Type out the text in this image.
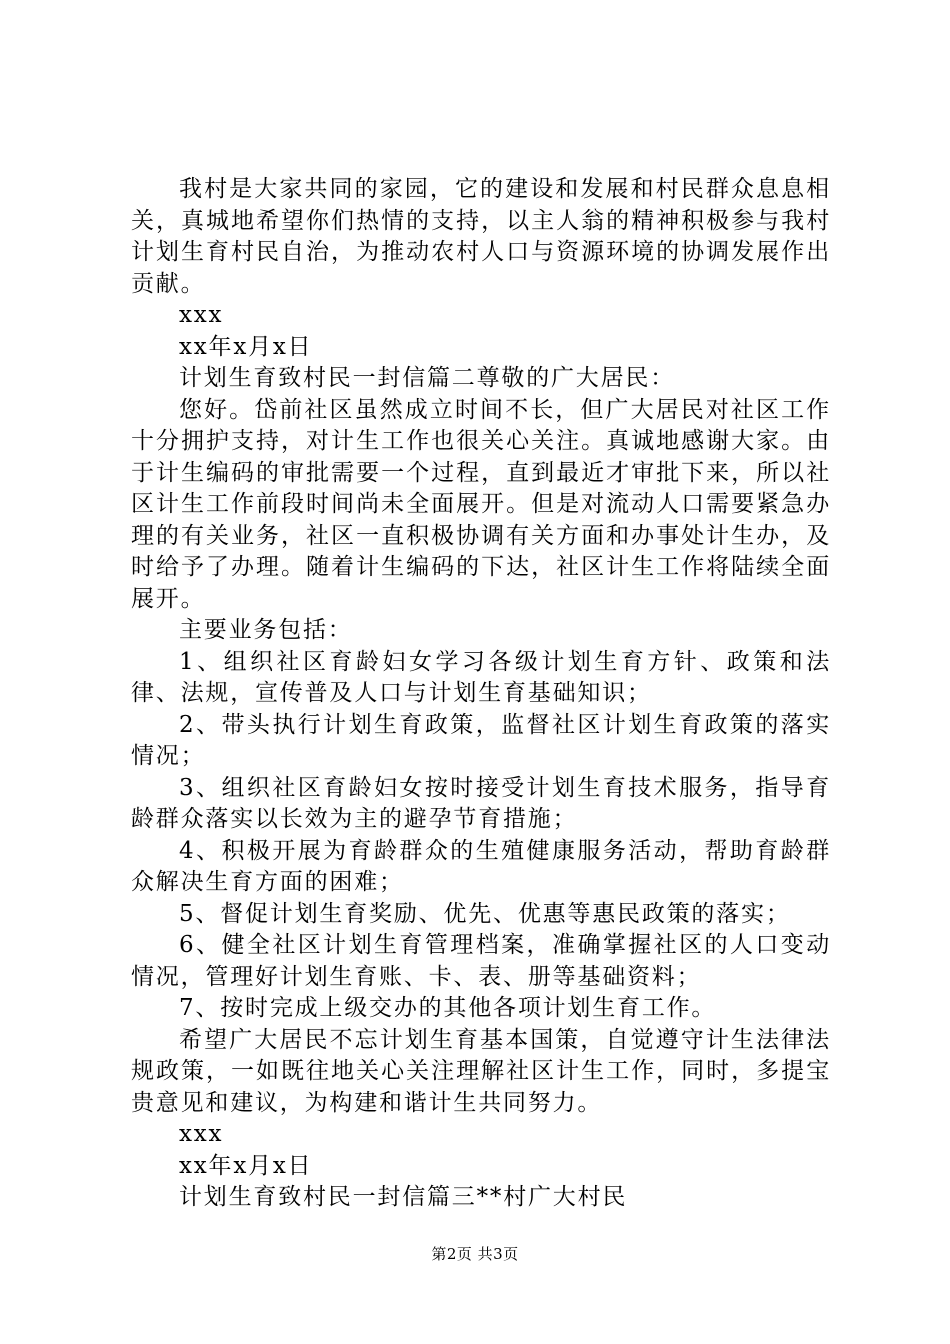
我村是大家共同的家园，它的建设和发展和村民群众息息相关，真城地希望你们热情的支持，以主人翁的精神积极参与我村计划生育村民自治，为推动农村人口与资源环境的协调发展作出贡献。

xxx

xx年x月x日

计划生育致村民一封信篇二尊敬的广大居民：

您好。岱前社区虽然成立时间不长，但广大居民对社区工作十分拥护支持，对计生工作也很关心关注。真诚地感谢大家。由于计生编码的审批需要一个过程，直到最近才审批下来，所以社区计生工作前段时间尚未全面展开。但是对流动人口需要紧急办理的有关业务，社区一直积极协调有关方面和办事处计生办，及时给予了办理。随着计生编码的下达，社区计生工作将陆续全面展开。

主要业务包括：

1、组织社区育龄妇女学习各级计划生育方针、政策和法律、法规，宣传普及人口与计划生育基础知识；

2、带头执行计划生育政策，监督社区计划生育政策的落实情况；

3、组织社区育龄妇女按时接受计划生育技术服务，指导育龄群众落实以长效为主的避孕节育措施；

4、积极开展为育龄群众的生殖健康服务活动，帮助育龄群众解决生育方面的困难；

5、督促计划生育奖励、优先、优惠等惠民政策的落实；

6、健全社区计划生育管理档案，准确掌握社区的人口变动情况，管理好计划生育账、卡、表、册等基础资料；

7、按时完成上级交办的其他各项计划生育工作。

希望广大居民不忘计划生育基本国策，自觉遵守计生法律法规政策，一如既往地关心关注理解社区计生工作，同时，多提宝贵意见和建议，为构建和谐计生共同努力。

xxx

xx年x月x日

计划生育致村民一封信篇三**村广大村民

第2页 共3页
